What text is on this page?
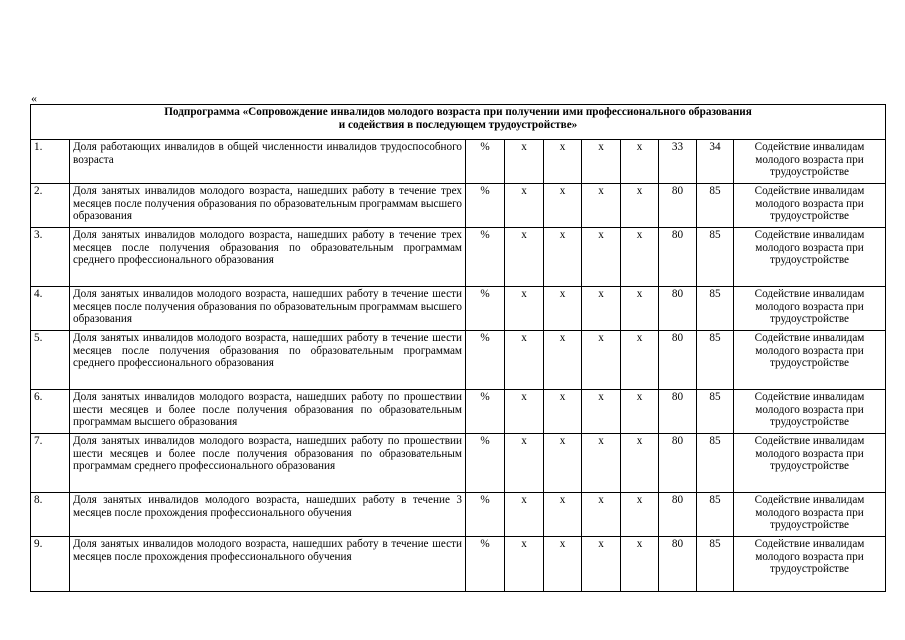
«
Подпрограмма «Сопровождение инвалидов молодого возраста при получении ими профессионального образования
и содействия в последующем трудоустройстве»									

1.	Доля работающих инвалидов в общей численности инвалидов трудоспособного возраста	%	х	х	х	х	33	34	Содействие инвалидам молодого возраста при трудоустройстве
2.	Доля занятых инвалидов молодого возраста, нашедших работу в течение трех месяцев после получения образования по образовательным программам высшего образования	%	х	х	х	х	80	85	Содействие инвалидам молодого возраста при трудоустройстве
3.	Доля занятых инвалидов молодого возраста, нашедших работу в течение трех месяцев после получения образования по образовательным программам среднего профессионального образования	%	х	х	х	х	80	85	Содействие инвалидам молодого возраста при трудоустройстве
4.	Доля занятых инвалидов молодого возраста, нашедших работу в течение шести месяцев после получения образования по образовательным программам высшего образования	%	х	х	х	х	80	85	Содействие инвалидам молодого возраста при трудоустройстве
5.	Доля занятых инвалидов молодого возраста, нашедших работу в течение шести месяцев после получения образования по образовательным программам среднего профессионального образования	%	х	х	х	х	80	85	Содействие инвалидам молодого возраста при трудоустройстве
6.	Доля занятых инвалидов молодого возраста, нашедших работу по прошествии шести месяцев и более после получения образования по образовательным программам высшего образования	%	х	х	х	х	80	85	Содействие инвалидам молодого возраста при трудоустройстве
7.	Доля занятых инвалидов молодого возраста, нашедших работу по прошествии шести месяцев и более после получения образования по образовательным программам среднего профессионального образования	%	х	х	х	х	80	85	Содействие инвалидам молодого возраста при трудоустройстве
8.	Доля занятых инвалидов молодого возраста, нашедших работу в течение 3 месяцев после прохождения профессионального обучения	%	х	х	х	х	80	85	Содействие инвалидам молодого возраста при трудоустройстве
9.	Доля занятых инвалидов молодого возраста, нашедших работу в течение шести месяцев после прохождения профессионального обучения	%	х	х	х	х	80	85	Содействие инвалидам молодого возраста при трудоустройстве
